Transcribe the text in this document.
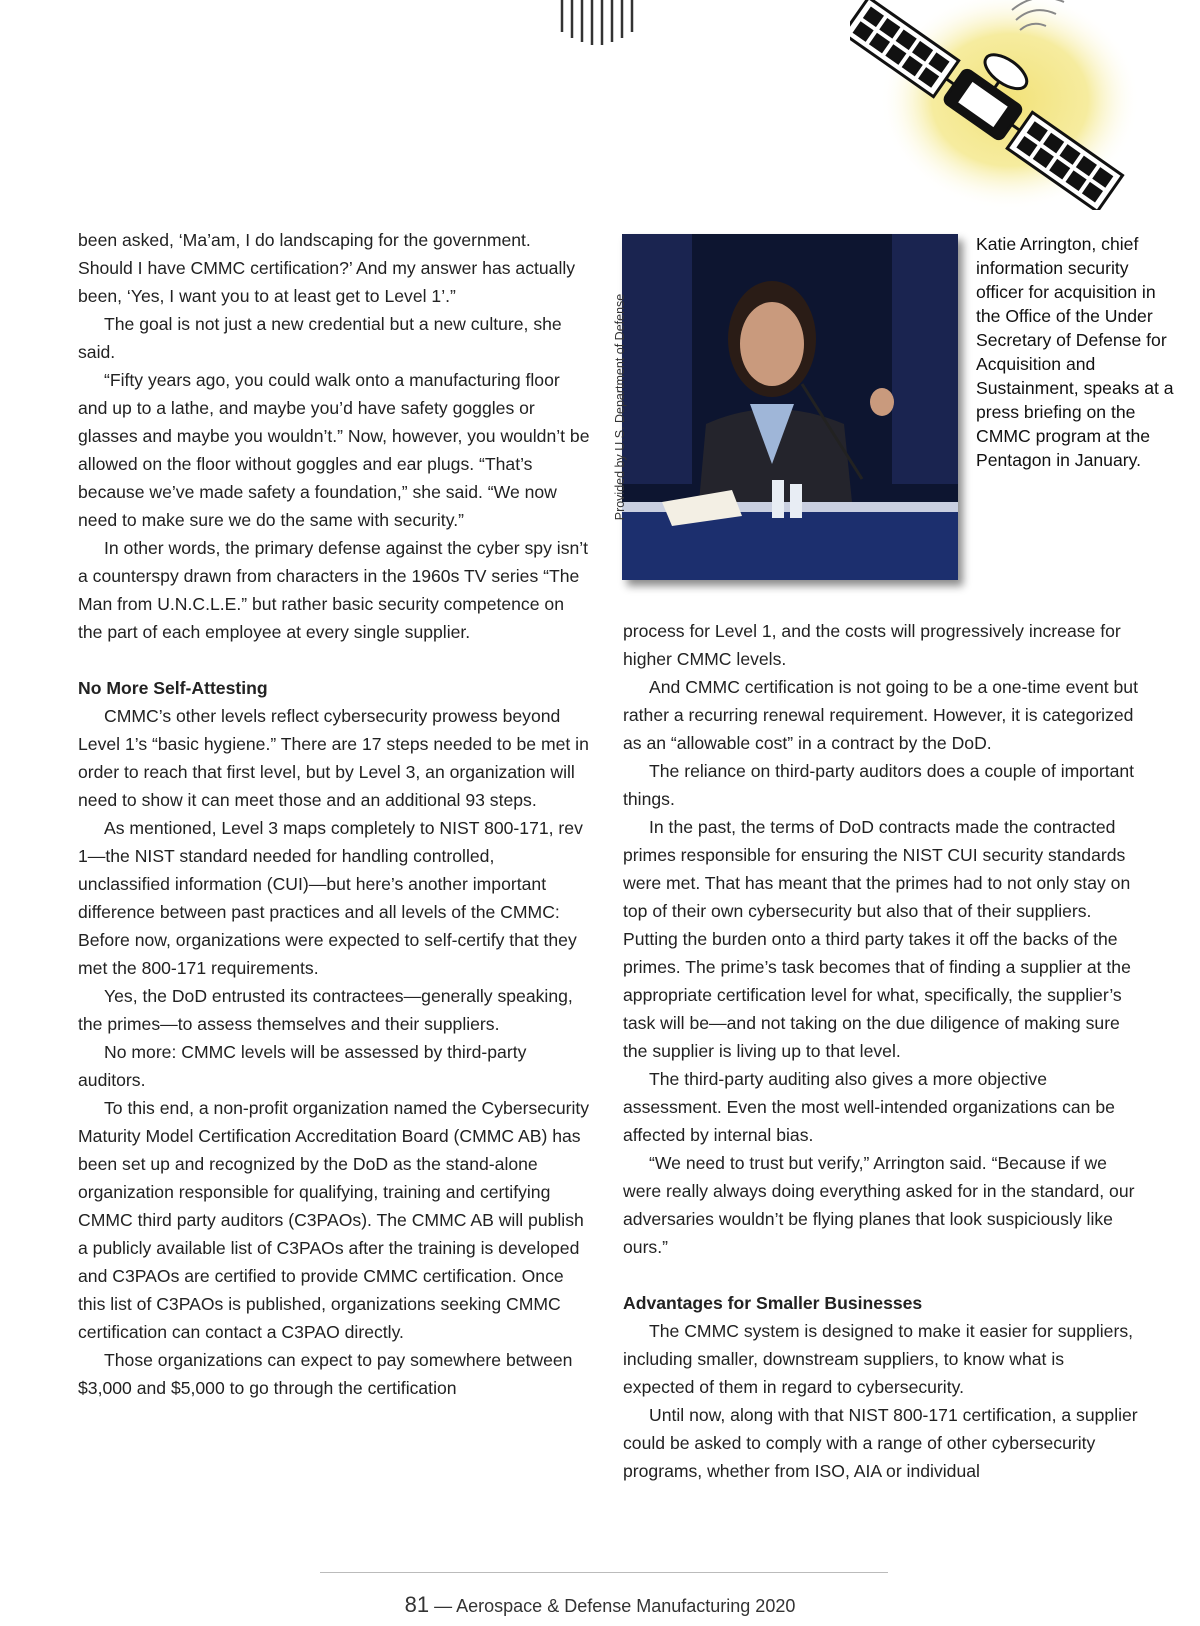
been asked, ‘Ma’am, I do landscaping for the government. Should I have CMMC certification?’ And my answer has actually been, ‘Yes, I want you to at least get to Level 1’.”

The goal is not just a new credential but a new culture, she said.

“Fifty years ago, you could walk onto a manufacturing floor and up to a lathe, and maybe you’d have safety goggles or glasses and maybe you wouldn’t.” Now, however, you wouldn’t be allowed on the floor without goggles and ear plugs. “That’s because we’ve made safety a foundation,” she said. “We now need to make sure we do the same with security.”

In other words, the primary defense against the cyber spy isn’t a counterspy drawn from characters in the 1960s TV series “The Man from U.N.C.L.E.” but rather basic security competence on the part of each employee at every single supplier.

No More Self-Attesting

CMMC’s other levels reflect cybersecurity prowess beyond Level 1’s “basic hygiene.” There are 17 steps needed to be met in order to reach that first level, but by Level 3, an organization will need to show it can meet those and an additional 93 steps.

As mentioned, Level 3 maps completely to NIST 800-171, rev 1—the NIST standard needed for handling controlled, unclassified information (CUI)—but here’s another important difference between past practices and all levels of the CMMC: Before now, organizations were expected to self-certify that they met the 800-171 requirements.

Yes, the DoD entrusted its contractees—generally speaking, the primes—to assess themselves and their suppliers.

No more: CMMC levels will be assessed by third-party auditors.

To this end, a non-profit organization named the Cybersecurity Maturity Model Certification Accreditation Board (CMMC AB) has been set up and recognized by the DoD as the stand-alone organization responsible for qualifying, training and certifying CMMC third party auditors (C3PAOs). The CMMC AB will publish a publicly available list of C3PAOs after the training is developed and C3PAOs are certified to provide CMMC certification. Once this list of C3PAOs is published, organizations seeking CMMC certification can contact a C3PAO directly.

Those organizations can expect to pay somewhere between $3,000 and $5,000 to go through the certification

Provided by U.S. Department of Defense
Katie Arrington, chief information security officer for acquisition in the Office of the Under Secretary of Defense for Acquisition and Sustainment, speaks at a press briefing on the CMMC program at the Pentagon in January.

process for Level 1, and the costs will progressively increase for higher CMMC levels.

And CMMC certification is not going to be a one-time event but rather a recurring renewal requirement. However, it is categorized as an “allowable cost” in a contract by the DoD.

The reliance on third-party auditors does a couple of important things.

In the past, the terms of DoD contracts made the contracted primes responsible for ensuring the NIST CUI security standards were met. That has meant that the primes had to not only stay on top of their own cybersecurity but also that of their suppliers. Putting the burden onto a third party takes it off the backs of the primes. The prime’s task becomes that of finding a supplier at the appropriate certification level for what, specifically, the supplier’s task will be—and not taking on the due diligence of making sure the supplier is living up to that level.

The third-party auditing also gives a more objective assessment. Even the most well-intended organizations can be affected by internal bias.

“We need to trust but verify,” Arrington said. “Because if we were really always doing everything asked for in the standard, our adversaries wouldn’t be flying planes that look suspiciously like ours.”

Advantages for Smaller Businesses

The CMMC system is designed to make it easier for suppliers, including smaller, downstream suppliers, to know what is expected of them in regard to cybersecurity.

Until now, along with that NIST 800-171 certification, a supplier could be asked to comply with a range of other cybersecurity programs, whether from ISO, AIA or individual

81 — Aerospace & Defense Manufacturing 2020
